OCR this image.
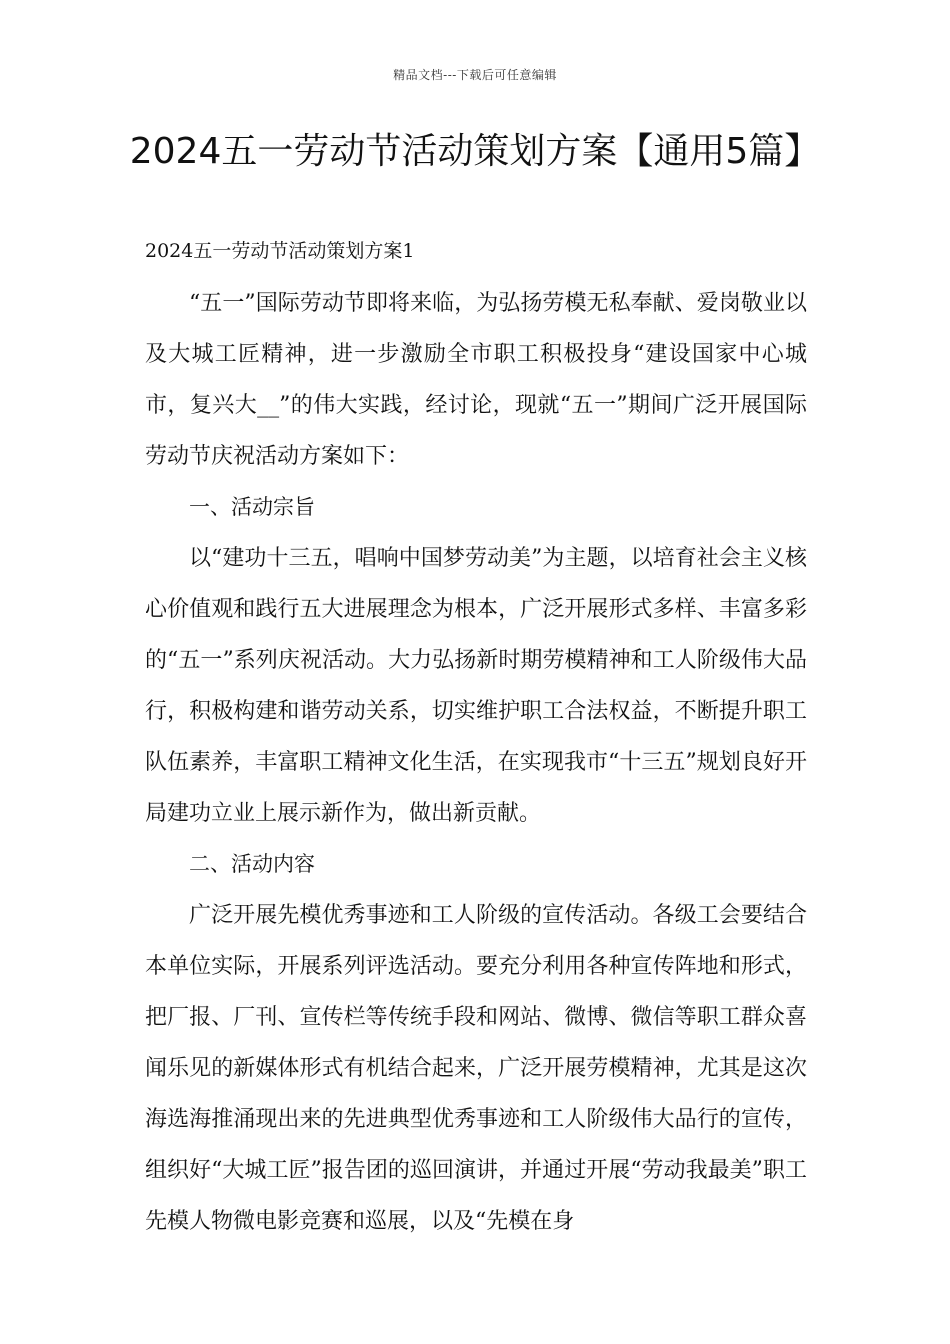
精品文档---下载后可任意编辑
2024五一劳动节活动策划方案【通用5篇】

2024五一劳动节活动策划方案1

“五一”国际劳动节即将来临，为弘扬劳模无私奉献、爱岗敬业以及大城工匠精神，进一步激励全市职工积极投身“建设国家中心城市，复兴大__”的伟大实践，经讨论，现就“五一”期间广泛开展国际劳动节庆祝活动方案如下：

一、活动宗旨

以“建功十三五，唱响中国梦劳动美”为主题，以培育社会主义核心价值观和践行五大进展理念为根本，广泛开展形式多样、丰富多彩的“五一”系列庆祝活动。大力弘扬新时期劳模精神和工人阶级伟大品行，积极构建和谐劳动关系，切实维护职工合法权益，不断提升职工队伍素养，丰富职工精神文化生活，在实现我市“十三五”规划良好开局建功立业上展示新作为，做出新贡献。

二、活动内容

广泛开展先模优秀事迹和工人阶级的宣传活动。各级工会要结合本单位实际，开展系列评选活动。要充分利用各种宣传阵地和形式，把厂报、厂刊、宣传栏等传统手段和网站、微博、微信等职工群众喜闻乐见的新媒体形式有机结合起来，广泛开展劳模精神，尤其是这次海选海推涌现出来的先进典型优秀事迹和工人阶级伟大品行的宣传，组织好“大城工匠”报告团的巡回演讲，并通过开展“劳动我最美”职工先模人物微电影竞赛和巡展，以及“先模在身
